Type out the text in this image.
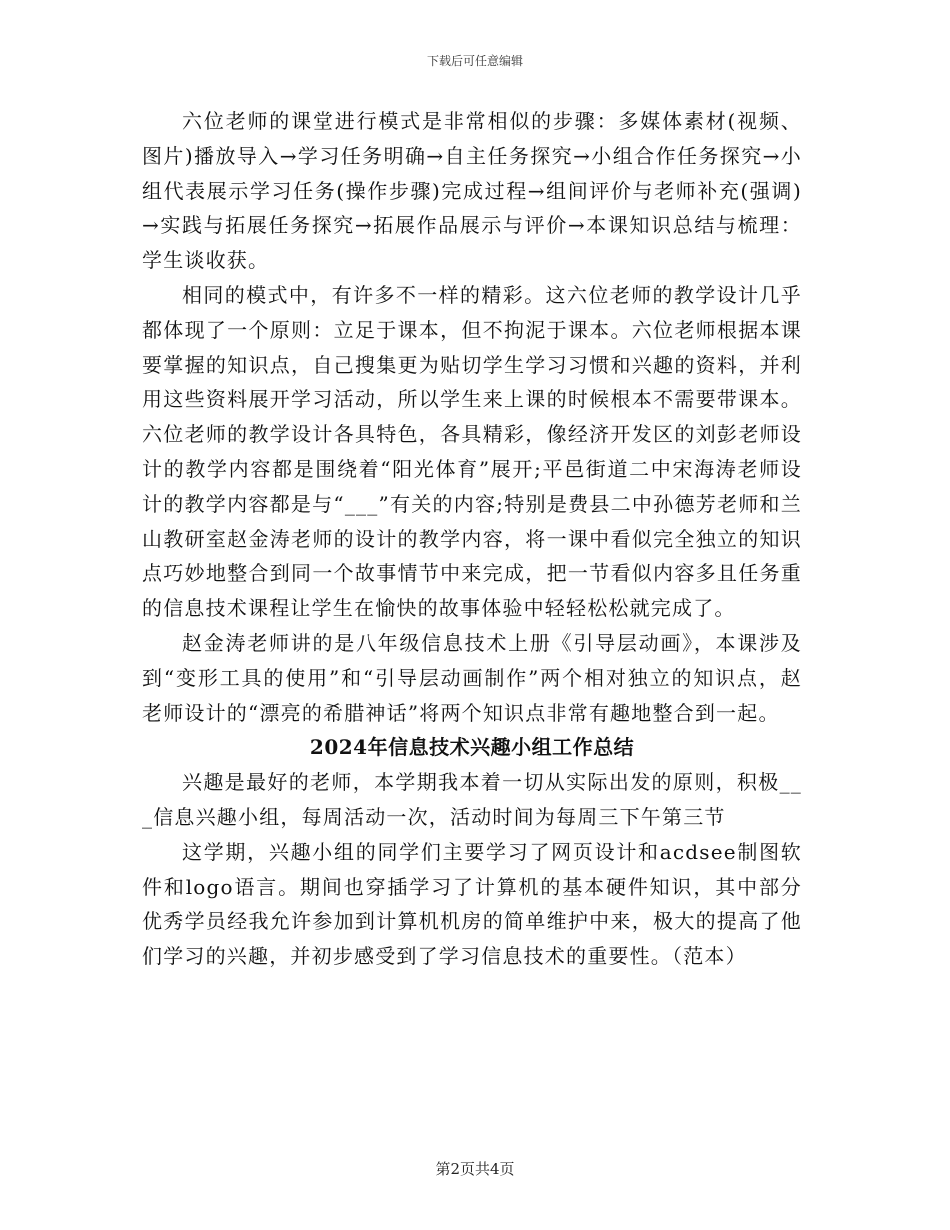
下载后可任意编辑

六位老师的课堂进行模式是非常相似的步骤：多媒体素材(视频、图片)播放导入→学习任务明确→自主任务探究→小组合作任务探究→小组代表展示学习任务(操作步骤)完成过程→组间评价与老师补充(强调)→实践与拓展任务探究→拓展作品展示与评价→本课知识总结与梳理：学生谈收获。

相同的模式中，有许多不一样的精彩。这六位老师的教学设计几乎都体现了一个原则：立足于课本，但不拘泥于课本。六位老师根据本课要掌握的知识点，自己搜集更为贴切学生学习习惯和兴趣的资料，并利用这些资料展开学习活动，所以学生来上课的时候根本不需要带课本。六位老师的教学设计各具特色，各具精彩，像经济开发区的刘彭老师设计的教学内容都是围绕着“阳光体育”展开;平邑街道二中宋海涛老师设计的教学内容都是与“___”有关的内容;特别是费县二中孙德芳老师和兰山教研室赵金涛老师的设计的教学内容，将一课中看似完全独立的知识点巧妙地整合到同一个故事情节中来完成，把一节看似内容多且任务重的信息技术课程让学生在愉快的故事体验中轻轻松松就完成了。

赵金涛老师讲的是八年级信息技术上册《引导层动画》，本课涉及到“变形工具的使用”和“引导层动画制作”两个相对独立的知识点，赵老师设计的“漂亮的希腊神话”将两个知识点非常有趣地整合到一起。

2024年信息技术兴趣小组工作总结

兴趣是最好的老师，本学期我本着一切从实际出发的原则，积极___信息兴趣小组，每周活动一次，活动时间为每周三下午第三节

这学期，兴趣小组的同学们主要学习了网页设计和acdsee制图软件和logo语言。期间也穿插学习了计算机的基本硬件知识，其中部分优秀学员经我允许参加到计算机机房的简单维护中来，极大的提高了他们学习的兴趣，并初步感受到了学习信息技术的重要性。（范本）

第2页共4页
